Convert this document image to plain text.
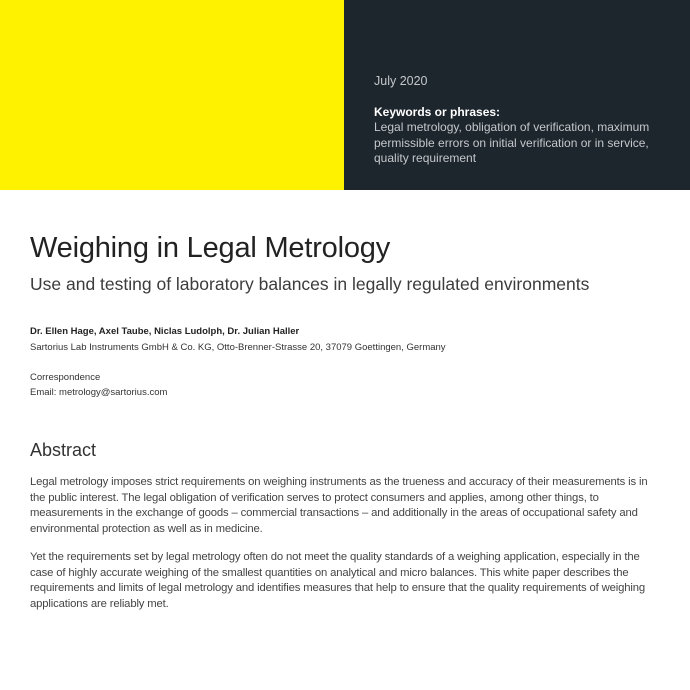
July 2020
Keywords or phrases:
Legal metrology, obligation of verification, maximum permissible errors on initial verification or in service, quality requirement
Weighing in Legal Metrology
Use and testing of laboratory balances in legally regulated environments
Dr. Ellen Hage, Axel Taube, Niclas Ludolph, Dr. Julian Haller
Sartorius Lab Instruments GmbH & Co. KG, Otto-Brenner-Strasse 20, 37079 Goettingen, Germany
Correspondence
Email: metrology@sartorius.com
Abstract
Legal metrology imposes strict requirements on weighing instruments as the trueness and accuracy of their measurements is in the public interest. The legal obligation of verification serves to protect consumers and applies, among other things, to measurements in the exchange of goods – commercial transactions – and additionally in the areas of occupational safety and environmental protection as well as in medicine.
Yet the requirements set by legal metrology often do not meet the quality standards of a weighing application, especially in the case of highly accurate weighing of the smallest quantities on analytical and micro balances. This white paper describes the requirements and limits of legal metrology and identifies measures that help to ensure that the quality requirements of weighing applications are reliably met.
